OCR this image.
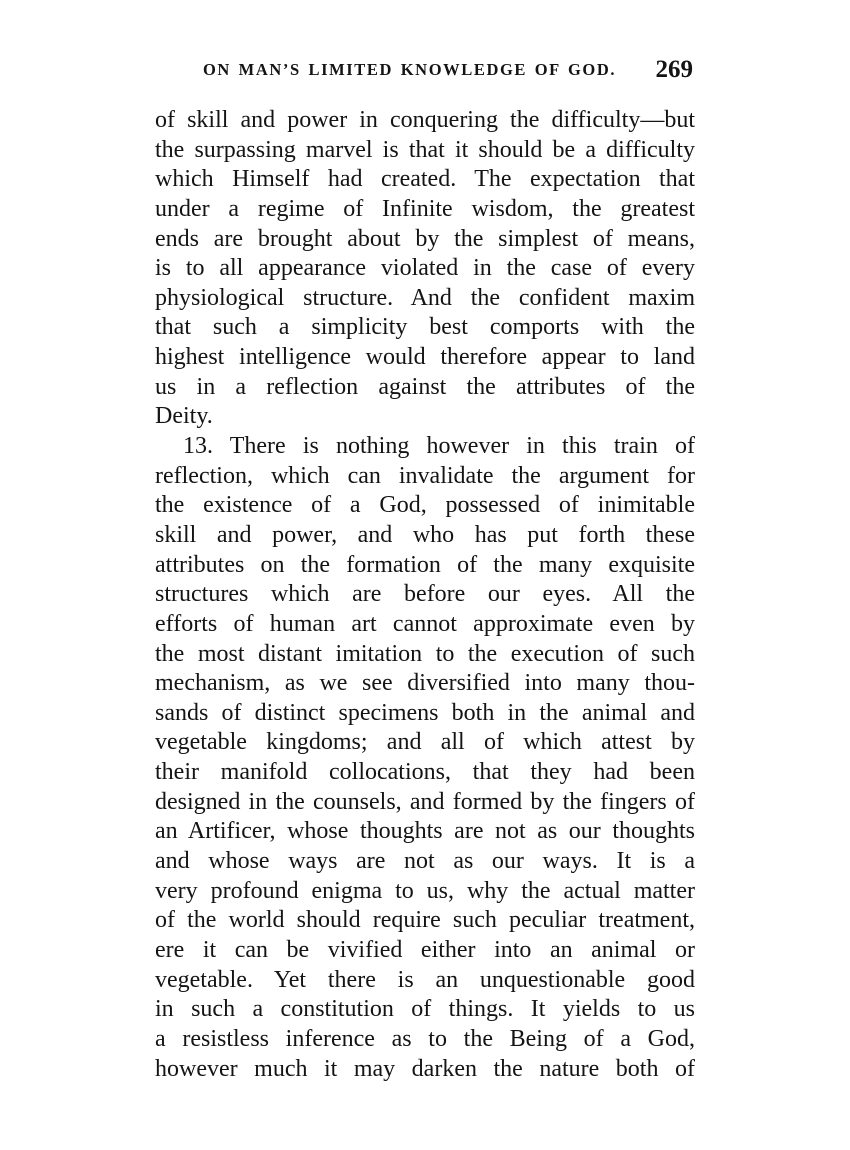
ON MAN’S LIMITED KNOWLEDGE OF GOD. 269
of skill and power in conquering the difficulty—but
the surpassing marvel is that it should be a difficulty
which Himself had created. The expectation that
under a regime of Infinite wisdom, the greatest
ends are brought about by the simplest of means,
is to all appearance violated in the case of every
physiological structure. And the confident maxim
that such a simplicity best comports with the
highest intelligence would therefore appear to land
us in a reflection against the attributes of the
Deity.
13. There is nothing however in this train of
reflection, which can invalidate the argument for
the existence of a God, possessed of inimitable
skill and power, and who has put forth these
attributes on the formation of the many exquisite
structures which are before our eyes. All the
efforts of human art cannot approximate even by
the most distant imitation to the execution of such
mechanism, as we see diversified into many thou-
sands of distinct specimens both in the animal and
vegetable kingdoms; and all of which attest by
their manifold collocations, that they had been
designed in the counsels, and formed by the fingers of
an Artificer, whose thoughts are not as our thoughts
and whose ways are not as our ways. It is a
very profound enigma to us, why the actual matter
of the world should require such peculiar treatment,
ere it can be vivified either into an animal or
vegetable. Yet there is an unquestionable good
in such a constitution of things. It yields to us
a resistless inference as to the Being of a God,
however much it may darken the nature both of
